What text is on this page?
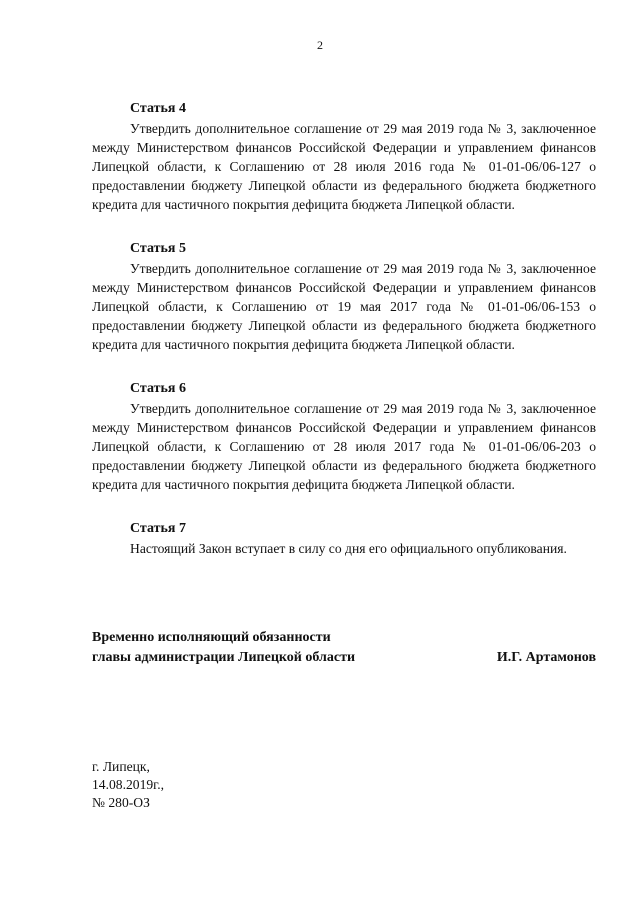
2
Статья 4

Утвердить дополнительное соглашение от 29 мая 2019 года № 3, заключенное между Министерством финансов Российской Федерации и управлением финансов Липецкой области, к Соглашению от 28 июля 2016 года № 01-01-06/06-127 о предоставлении бюджету Липецкой области из федерального бюджета бюджетного кредита для частичного покрытия дефицита бюджета Липецкой области.

Статья 5

Утвердить дополнительное соглашение от 29 мая 2019 года № 3, заключенное между Министерством финансов Российской Федерации и управлением финансов Липецкой области, к Соглашению от 19 мая 2017 года № 01-01-06/06-153 о предоставлении бюджету Липецкой области из федерального бюджета бюджетного кредита для частичного покрытия дефицита бюджета Липецкой области.

Статья 6

Утвердить дополнительное соглашение от 29 мая 2019 года № 3, заключенное между Министерством финансов Российской Федерации и управлением финансов Липецкой области, к Соглашению от 28 июля 2017 года № 01-01-06/06-203 о предоставлении бюджету Липецкой области из федерального бюджета бюджетного кредита для частичного покрытия дефицита бюджета Липецкой области.

Статья 7

Настоящий Закон вступает в силу со дня его официального опубликования.

Временно исполняющий обязанности
главы администрации Липецкой области	И.Г. Артамонов
г. Липецк,
14.08.2019г.,
№ 280-ОЗ
